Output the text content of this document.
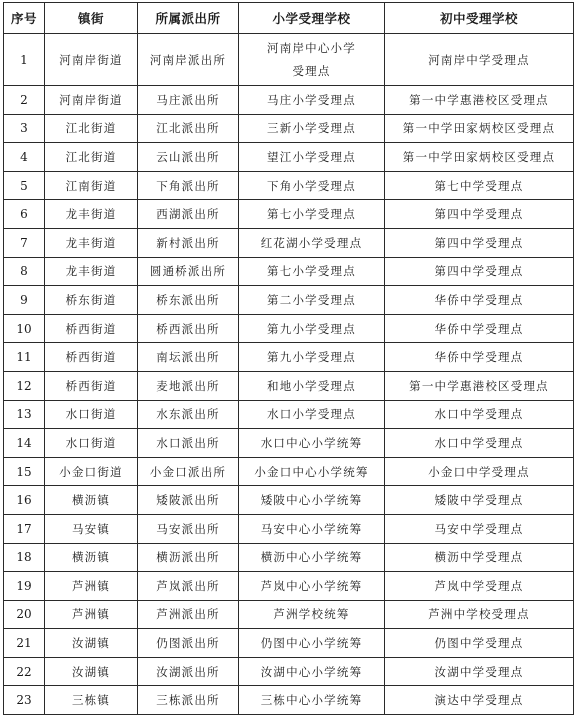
序号	镇街	所属派出所	小学受理学校	初中受理学校
1	河南岸街道	河南岸派出所	河南岸中心小学受理点	河南岸中学受理点
2	河南岸街道	马庄派出所	马庄小学受理点	第一中学惠港校区受理点
3	江北街道	江北派出所	三新小学受理点	第一中学田家炳校区受理点
4	江北街道	云山派出所	望江小学受理点	第一中学田家炳校区受理点
5	江南街道	下角派出所	下角小学受理点	第七中学受理点
6	龙丰街道	西湖派出所	第七小学受理点	第四中学受理点
7	龙丰街道	新村派出所	红花湖小学受理点	第四中学受理点
8	龙丰街道	圆通桥派出所	第七小学受理点	第四中学受理点
9	桥东街道	桥东派出所	第二小学受理点	华侨中学受理点
10	桥西街道	桥西派出所	第九小学受理点	华侨中学受理点
11	桥西街道	南坛派出所	第九小学受理点	华侨中学受理点
12	桥西街道	麦地派出所	和地小学受理点	第一中学惠港校区受理点
13	水口街道	水东派出所	水口小学受理点	水口中学受理点
14	水口街道	水口派出所	水口中心小学统筹	水口中学受理点
15	小金口街道	小金口派出所	小金口中心小学统筹	小金口中学受理点
16	横沥镇	矮陂派出所	矮陂中心小学统筹	矮陂中学受理点
17	马安镇	马安派出所	马安中心小学统筹	马安中学受理点
18	横沥镇	横沥派出所	横沥中心小学统筹	横沥中学受理点
19	芦洲镇	芦岚派出所	芦岚中心小学统筹	芦岚中学受理点
20	芦洲镇	芦洲派出所	芦洲学校统筹	芦洲中学校受理点
21	汝湖镇	仍图派出所	仍图中心小学统筹	仍图中学受理点
22	汝湖镇	汝湖派出所	汝湖中心小学统筹	汝湖中学受理点
23	三栋镇	三栋派出所	三栋中心小学统筹	演达中学受理点
